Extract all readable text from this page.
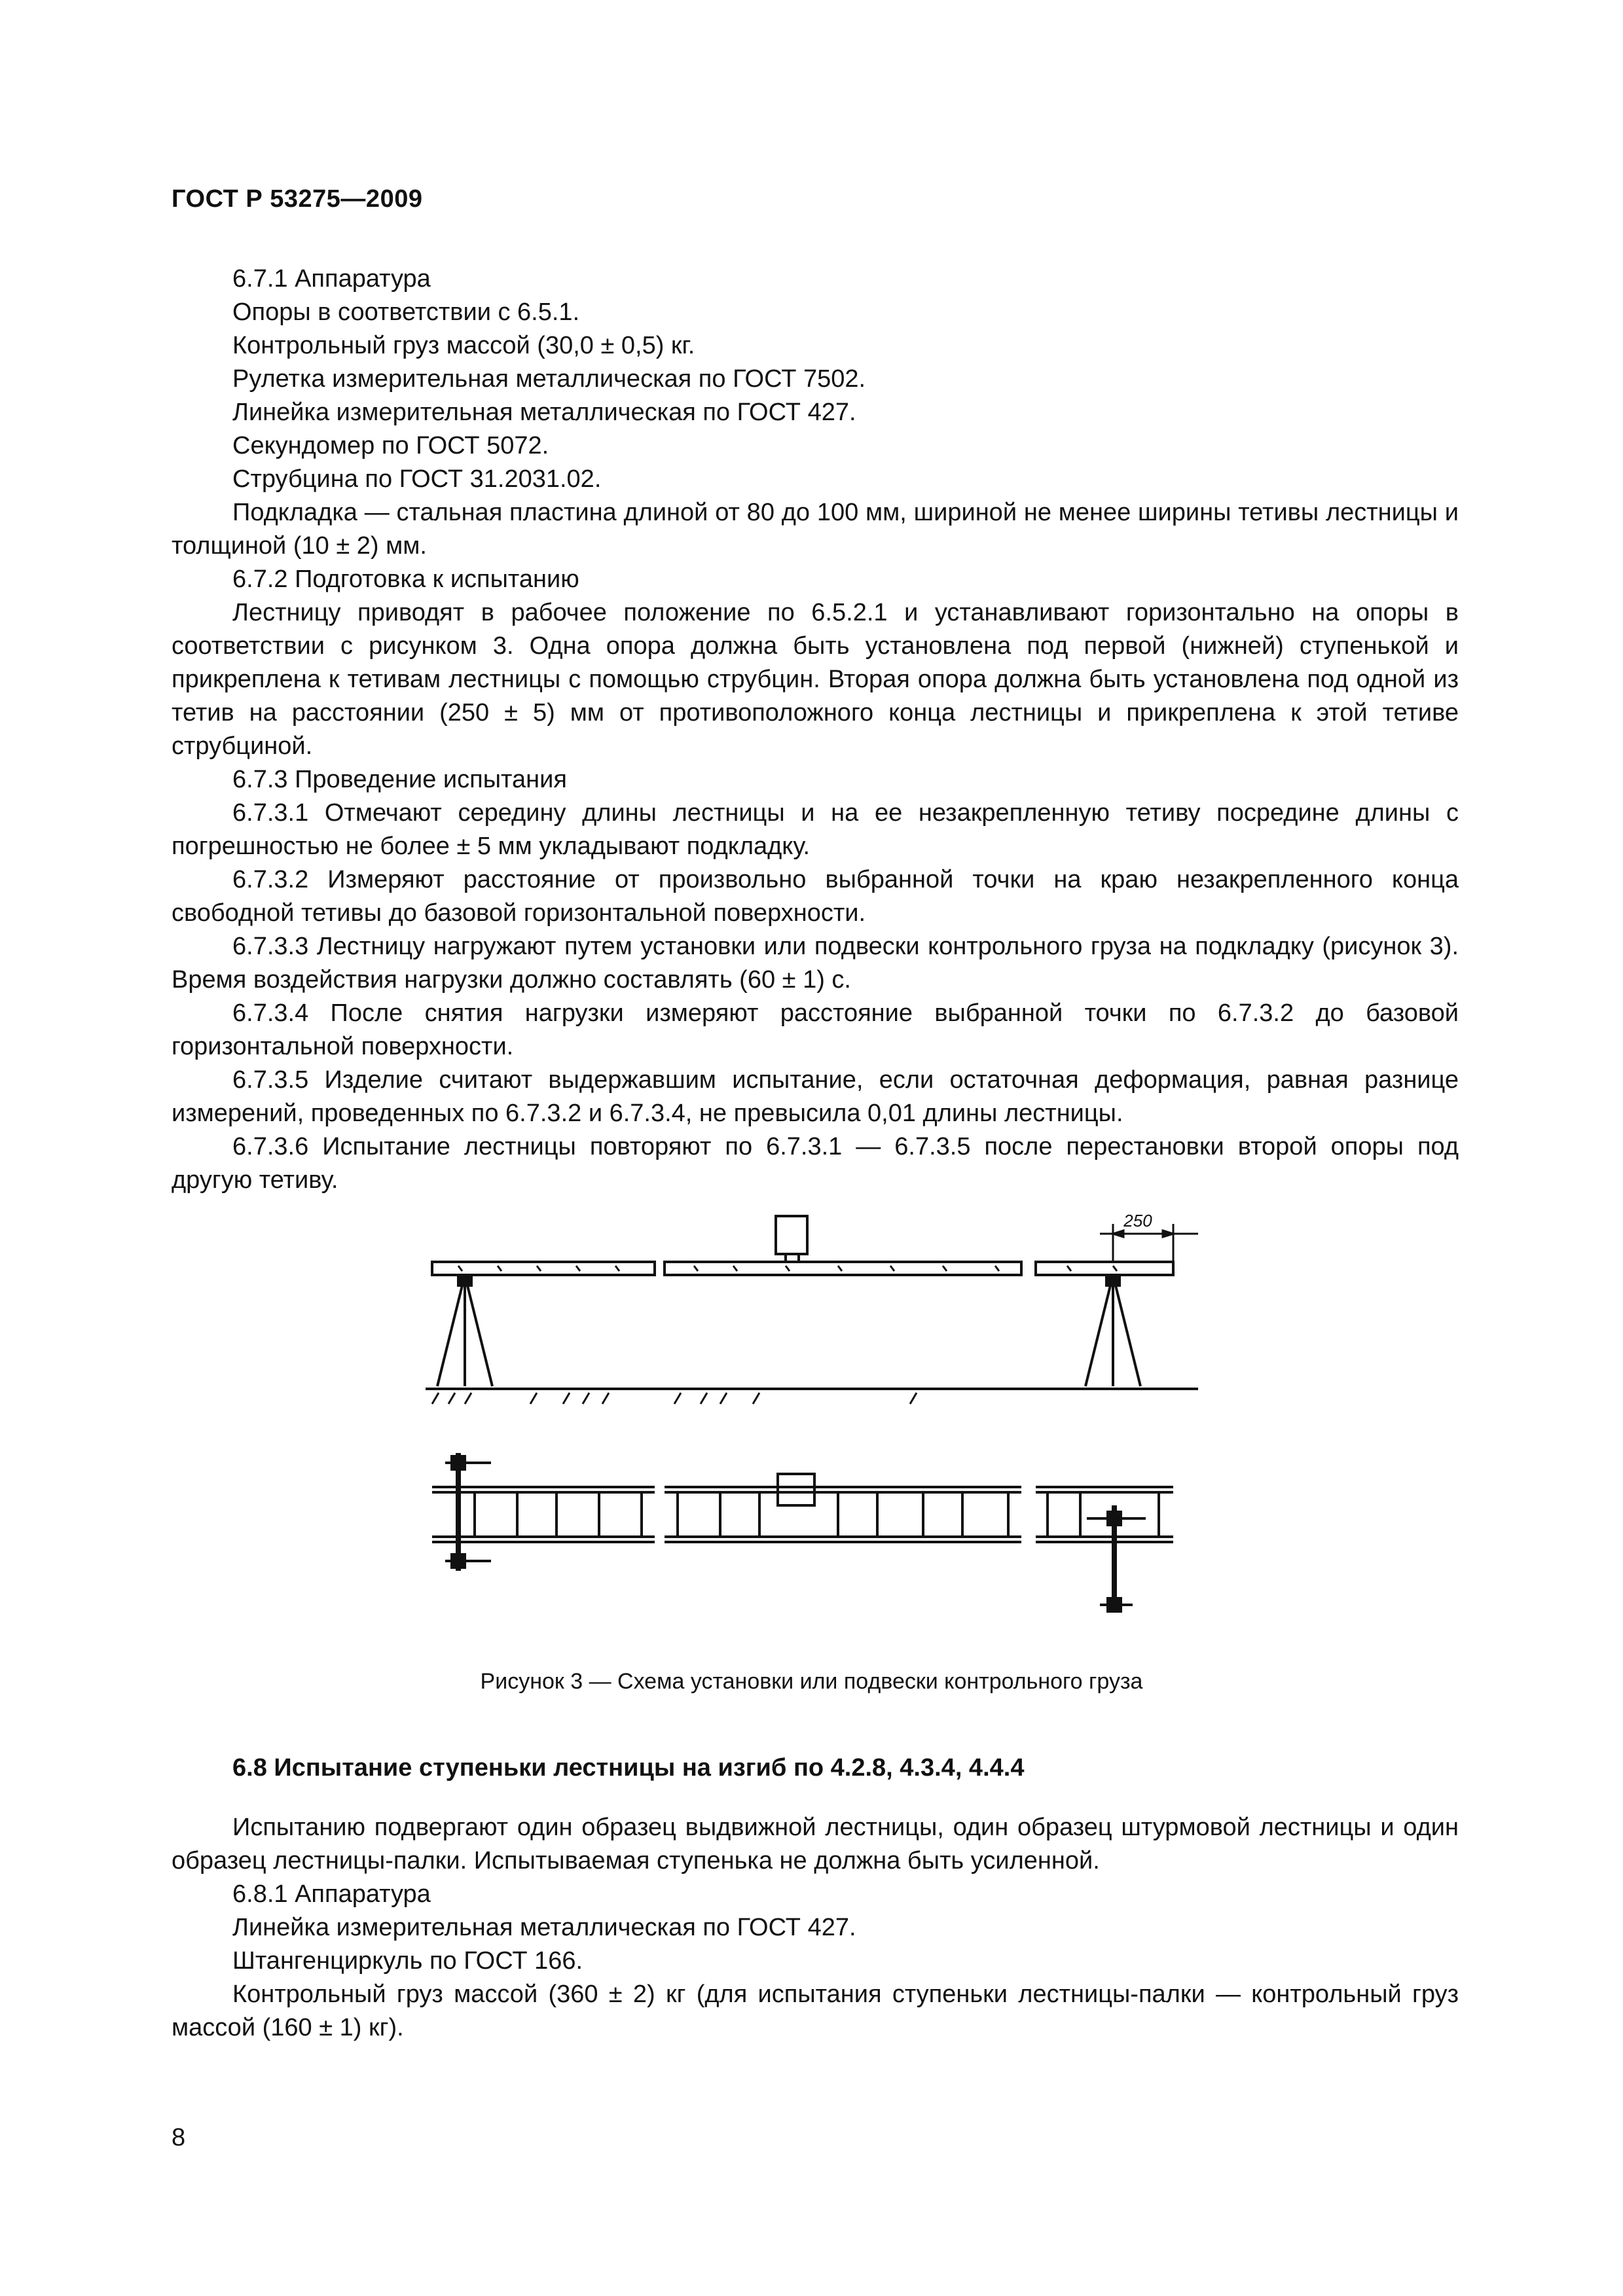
ГОСТ Р 53275—2009

6.7.1 Аппаратура

Опоры в соответствии с 6.5.1.

Контрольный груз массой (30,0 ± 0,5) кг.

Рулетка измерительная металлическая по ГОСТ 7502.

Линейка измерительная металлическая по ГОСТ 427.

Секундомер по ГОСТ 5072.

Струбцина по ГОСТ 31.2031.02.

Подкладка — стальная пластина длиной от 80 до 100 мм, шириной не менее ширины тетивы лестницы и толщиной (10 ± 2) мм.

6.7.2 Подготовка к испытанию

Лестницу приводят в рабочее положение по 6.5.2.1 и устанавливают горизонтально на опоры в соответствии с рисунком 3. Одна опора должна быть установлена под первой (нижней) ступенькой и прикреплена к тетивам лестницы с помощью струбцин. Вторая опора должна быть установлена под одной из тетив на расстоянии (250 ± 5) мм от противоположного конца лестницы и прикреплена к этой тетиве струбциной.

6.7.3 Проведение испытания

6.7.3.1 Отмечают середину длины лестницы и на ее незакрепленную тетиву посредине длины с погрешностью не более ± 5 мм укладывают подкладку.

6.7.3.2 Измеряют расстояние от произвольно выбранной точки на краю незакрепленного конца свободной тетивы до базовой горизонтальной поверхности.

6.7.3.3 Лестницу нагружают путем установки или подвески контрольного груза на подкладку (рисунок 3). Время воздействия нагрузки должно составлять (60 ± 1) с.

6.7.3.4 После снятия нагрузки измеряют расстояние выбранной точки по 6.7.3.2 до базовой горизонтальной поверхности.

6.7.3.5 Изделие считают выдержавшим испытание, если остаточная деформация, равная разнице измерений, проведенных по 6.7.3.2 и 6.7.3.4, не превысила 0,01 длины лестницы.

6.7.3.6 Испытание лестницы повторяют по 6.7.3.1 — 6.7.3.5 после перестановки второй опоры под другую тетиву.

250
Рисунок 3 — Схема установки или подвески контрольного груза
6.8 Испытание ступеньки лестницы на изгиб по 4.2.8, 4.3.4, 4.4.4

Испытанию подвергают один образец выдвижной лестницы, один образец штурмовой лестницы и один образец лестницы-палки. Испытываемая ступенька не должна быть усиленной.

6.8.1 Аппаратура

Линейка измерительная металлическая по ГОСТ 427.

Штангенциркуль по ГОСТ 166.

Контрольный груз массой (360 ± 2) кг (для испытания ступеньки лестницы-палки — контрольный груз массой (160 ± 1) кг).

8
